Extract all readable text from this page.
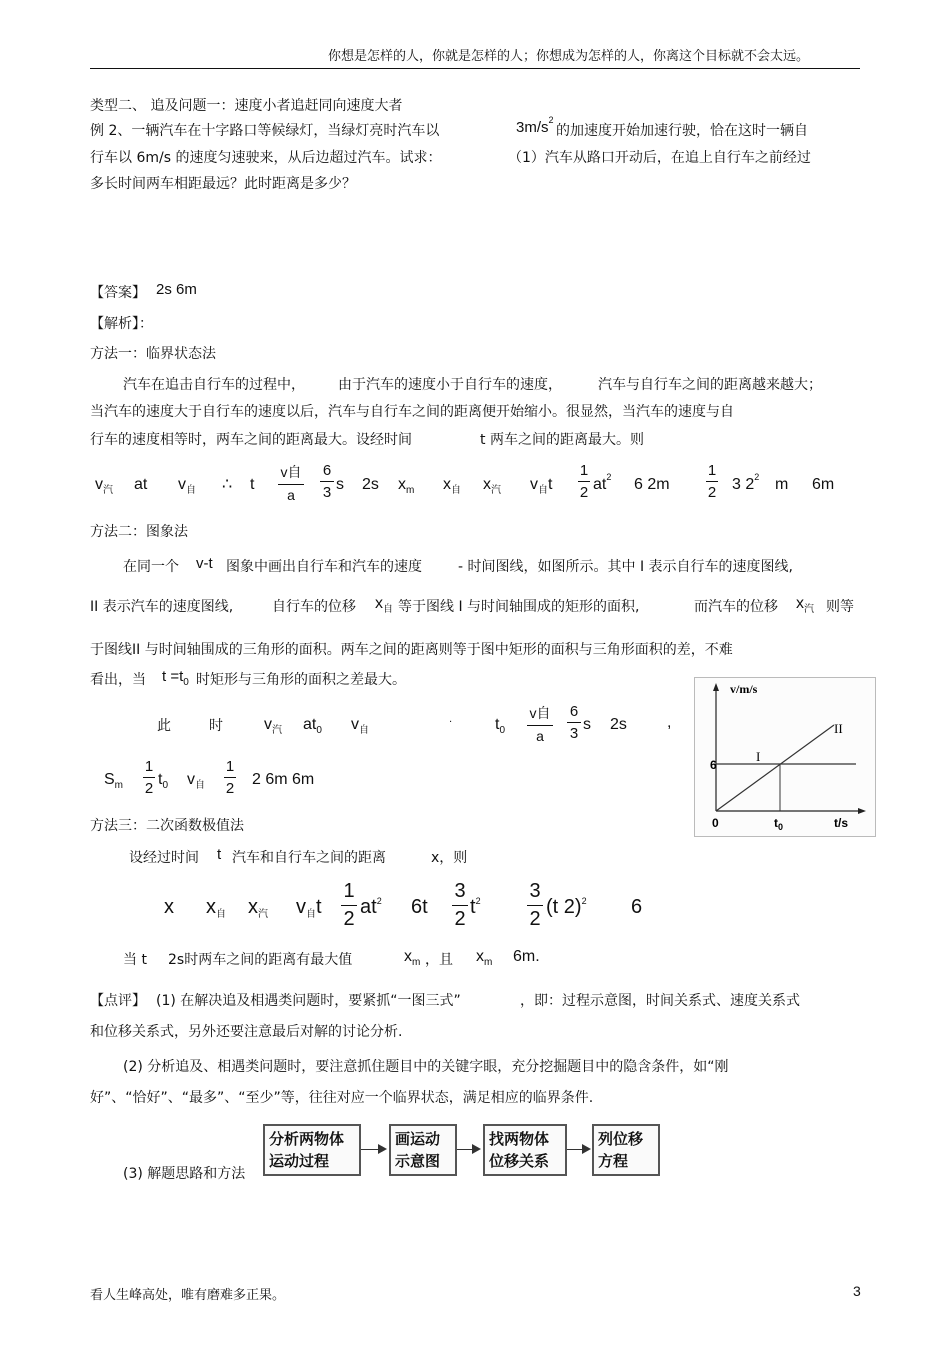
你想是怎样的人，你就是怎样的人；你想成为怎样的人，你离这个目标就不会太远。
类型二、 追及问题一：速度小者追赶同向速度大者
例 2、一辆汽车在十字路口等候绿灯，当绿灯亮时汽车以	$3m/s^2$
的加速度开始加速行驶，恰在这时一辆自
行车以 6m/s 的速度匀速驶来，从后边超过汽车。试求：	（1）汽车从路口开动后，在追上自行车之前经过
多长时间两车相距最远？此时距离是多少？
【答案】 2s 6m
【解析】：
方法一：临界状态法
汽车在追击自行车的过程中， 由于汽车的速度小于自行车的速度，	汽车与自行车之间的距离越来越大；
当汽车的速度大于自行车的速度以后，汽车与自行车之间的距离便开始缩小。很显然，当汽车的速度与自
行车的速度相等时，两车之间的距离最大。设经时间	t 两车之间的距离最大。则
$v_汽$ at $v_自$ ∴ t
v自
a
6
3 s 2s $x_m$ $x_自$ $x_汽$ $v_自t$
1
2 $at^2$ 6 2m
1
2 3 $2^2$ m 6m
方法二：图象法
在同一个 v-t 图象中画出自行车和汽车的速度	- 时间图线，如图所示。其中 I 表示自行车的速度图线,
II 表示汽车的速度图线,	自行车的位移 $x_自$ 等于图线 I 与时间轴围成的矩形的面积,	而汽车的位移 $x_汽$ 则等
于图线II 与时间轴围成的三角形的面积。两车之间的距离则等于图中矩形的面积与三角形面积的差，不难
看出，当 $t =t_0$ 时矩形与三角形的面积之差最大。
此	时	$v_汽$ $at_0$ $v_自$
.	$t_0$
v自
a
6
3
s 2s	,
$S_m$
1
2
$t_0$ $v_自$
1
2
2 6m 6m
v/m/s
II
I
6
0	$t_0$	t/s
方法三：二次函数极值法
设经过时间 t 汽车和自行车之间的距离	x，则
x $x_自$ $x_汽$ $v_自t$
1
2
$at^2$ 6t
3
2
$t^2$ 3
2
(t 2)$^2$ 6
当 t 2s时两车之间的距离有最大值	$x_m$ ，且 $x_m$ 6m.
【点评】 (1) 在解决追及相遇类问题时，要紧抓“一图三式”	，即：过程示意图，时间关系式、速度关系式
和位移关系式，另外还要注意最后对解的讨论分析.
(2) 分析追及、相遇类问题时，要注意抓住题目中的关键字眼，充分挖掘题目中的隐含条件，如“刚
好”、“恰好”、“最多”、“至少”等，往往对应一个临界状态，满足相应的临界条件.
(3) 解题思路和方法
分析两物体
运动过程
画运动
示意图
找两物体
位移关系
列位移
方程
看人生峰高处，唯有磨难多正果。	3
